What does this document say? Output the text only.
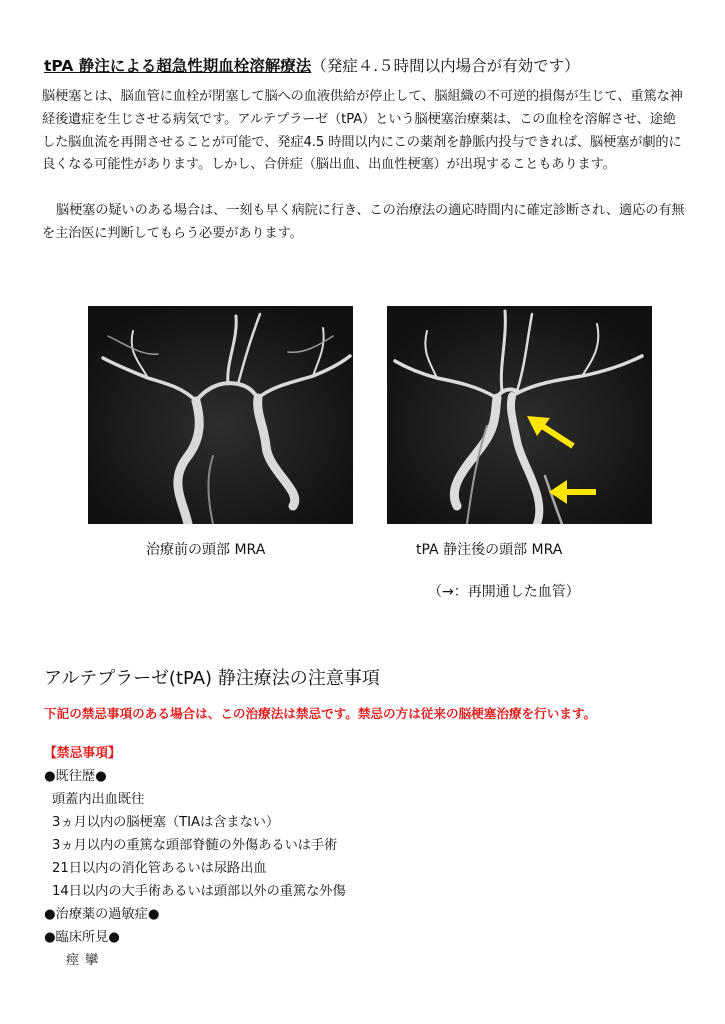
tPA 静注による超急性期血栓溶解療法（発症４.５時間以内場合が有効です）
脳梗塞とは、脳血管に血栓が閉塞して脳への血液供給が停止して、脳組織の不可逆的損傷が生じて、重篤な神経後遺症を生じさせる病気です。アルテプラーゼ（tPA）という脳梗塞治療薬は、この血栓を溶解させ、途絶した脳血流を再開させることが可能で、発症4.5 時間以内にこの薬剤を静脈内投与できれば、脳梗塞が劇的に良くなる可能性があります。しかし、合併症（脳出血、出血性梗塞）が出現することもあります。
脳梗塞の疑いのある場合は、一刻も早く病院に行き、この治療法の適応時間内に確定診断され、適応の有無を主治医に判断してもらう必要があります。
治療前の頭部 MRA	tPA 静注後の頭部 MRA
（→：再開通した血管）
アルテプラーゼ(tPA) 静注療法の注意事項
下記の禁忌事項のある場合は、この治療法は禁忌です。禁忌の方は従来の脳梗塞治療を行います。
【禁忌事項】
●既往歴●
頭蓋内出血既往
3ヵ月以内の脳梗塞（TIAは含まない）
3ヵ月以内の重篤な頭部脊髄の外傷あるいは手術
21日以内の消化管あるいは尿路出血
14日以内の大手術あるいは頭部以外の重篤な外傷
●治療薬の過敏症●
●臨床所見●
痙攣
